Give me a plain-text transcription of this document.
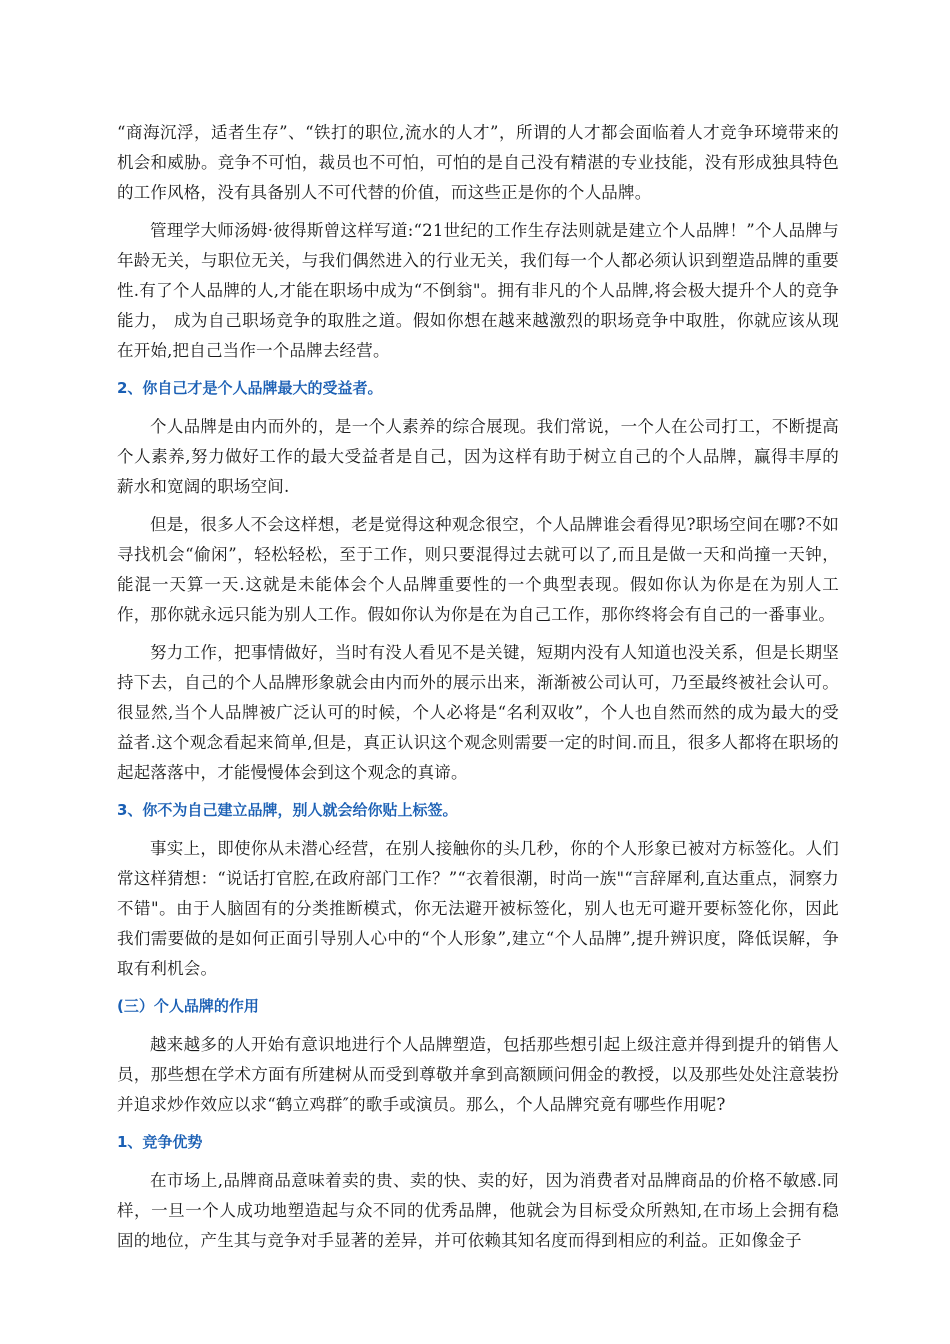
“商海沉浮，适者生存”、“铁打的职位,流水的人才”，所谓的人才都会面临着人才竞争环境带来的机会和威胁。竞争不可怕，裁员也不可怕，可怕的是自己没有精湛的专业技能，没有形成独具特色的工作风格，没有具备别人不可代替的价值，而这些正是你的个人品牌。

管理学大师汤姆·彼得斯曾这样写道:“21世纪的工作生存法则就是建立个人品牌！”个人品牌与年龄无关，与职位无关，与我们偶然进入的行业无关，我们每一个人都必须认识到塑造品牌的重要性.有了个人品牌的人,才能在职场中成为“不倒翁"。拥有非凡的个人品牌,将会极大提升个人的竞争能力， 成为自己职场竞争的取胜之道。假如你想在越来越激烈的职场竞争中取胜，你就应该从现在开始,把自己当作一个品牌去经营。

2、你自己才是个人品牌最大的受益者。

个人品牌是由内而外的，是一个人素养的综合展现。我们常说，一个人在公司打工，不断提高个人素养,努力做好工作的最大受益者是自己，因为这样有助于树立自己的个人品牌，赢得丰厚的薪水和宽阔的职场空间.

但是，很多人不会这样想，老是觉得这种观念很空，个人品牌谁会看得见?职场空间在哪?不如寻找机会“偷闲”，轻松轻松，至于工作，则只要混得过去就可以了,而且是做一天和尚撞一天钟，能混一天算一天.这就是未能体会个人品牌重要性的一个典型表现。假如你认为你是在为别人工作，那你就永远只能为别人工作。假如你认为你是在为自己工作，那你终将会有自己的一番事业。

努力工作，把事情做好，当时有没人看见不是关键，短期内没有人知道也没关系，但是长期坚持下去，自己的个人品牌形象就会由内而外的展示出来，渐渐被公司认可，乃至最终被社会认可。很显然,当个人品牌被广泛认可的时候，个人必将是“名利双收”，个人也自然而然的成为最大的受益者.这个观念看起来简单,但是，真正认识这个观念则需要一定的时间.而且，很多人都将在职场的起起落落中，才能慢慢体会到这个观念的真谛。

3、你不为自己建立品牌，别人就会给你贴上标签。

事实上，即使你从未潜心经营，在别人接触你的头几秒，你的个人形象已被对方标签化。人们常这样猜想：“说话打官腔,在政府部门工作？”“衣着很潮，时尚一族"“言辞犀利,直达重点，洞察力不错"。由于人脑固有的分类推断模式，你无法避开被标签化，别人也无可避开要标签化你，因此我们需要做的是如何正面引导别人心中的“个人形象”,建立“个人品牌”,提升辨识度，降低误解，争取有利机会。

(三）个人品牌的作用

越来越多的人开始有意识地进行个人品牌塑造，包括那些想引起上级注意并得到提升的销售人员，那些想在学术方面有所建树从而受到尊敬并拿到高额顾问佣金的教授，以及那些处处注意装扮并追求炒作效应以求“鹤立鸡群″的歌手或演员。那么，个人品牌究竟有哪些作用呢?

1、竞争优势

在市场上,品牌商品意味着卖的贵、卖的快、卖的好，因为消费者对品牌商品的价格不敏感.同样，一旦一个人成功地塑造起与众不同的优秀品牌，他就会为目标受众所熟知,在市场上会拥有稳固的地位，产生其与竞争对手显著的差异，并可依赖其知名度而得到相应的利益。正如像金子
